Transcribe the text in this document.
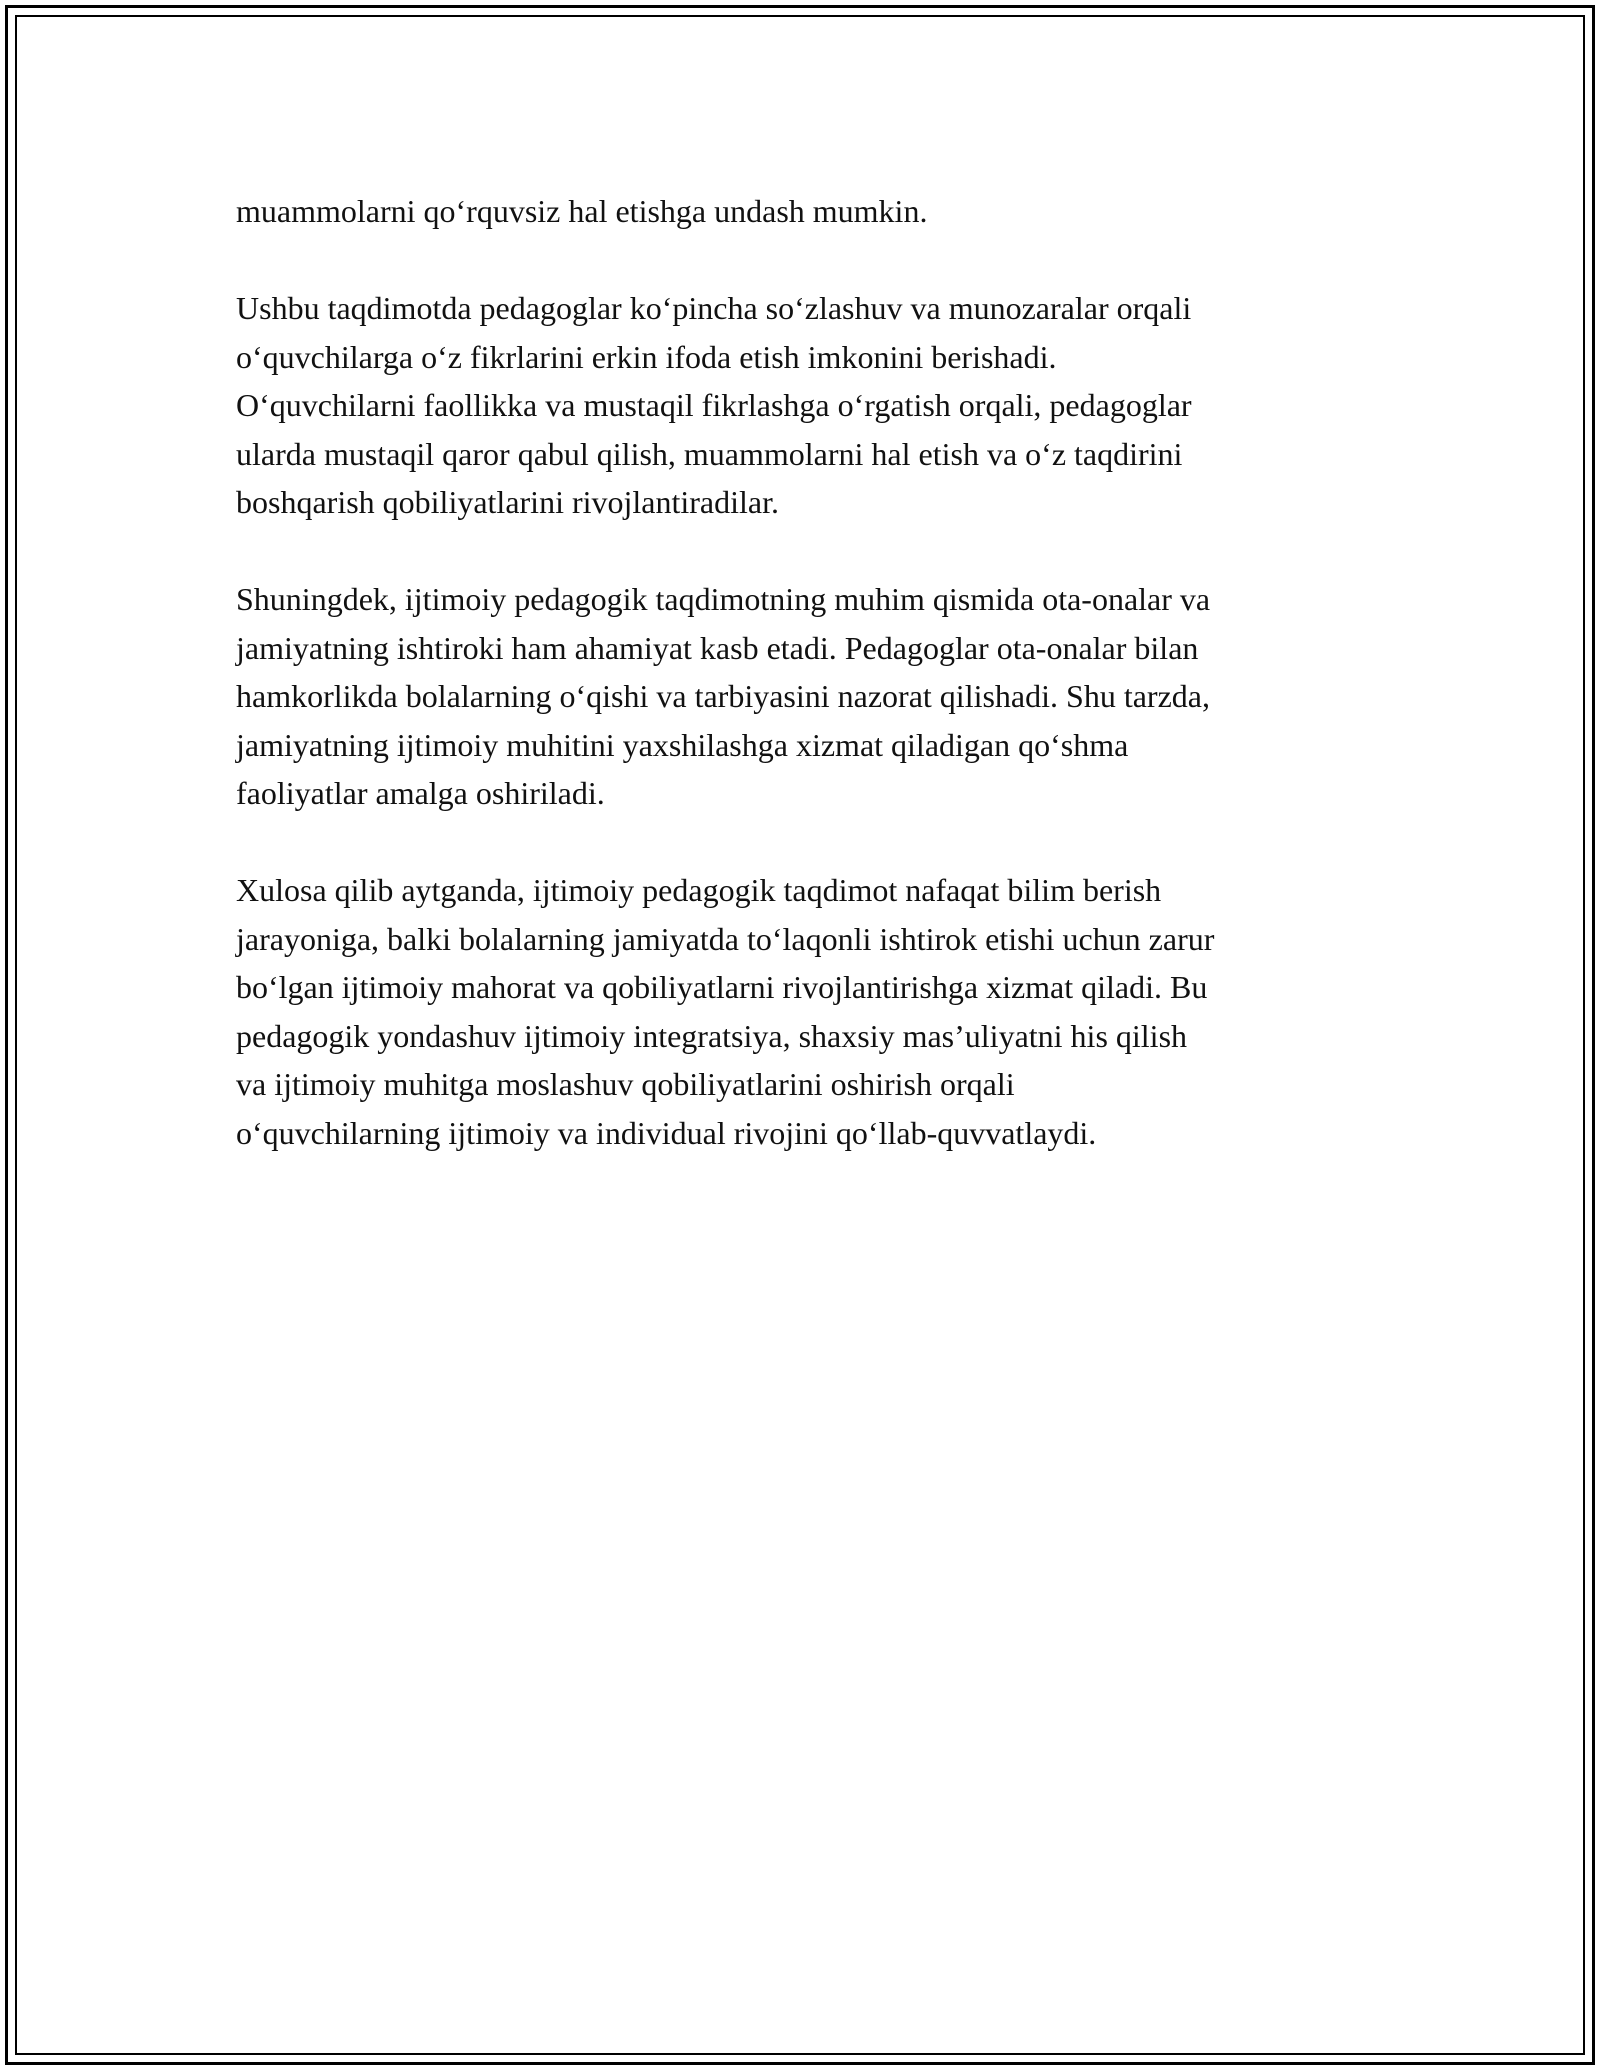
muammolarni qo‘rquvsiz hal etishga undash mumkin.

Ushbu taqdimotda pedagoglar ko‘pincha so‘zlashuv va munozaralar orqali
o‘quvchilarga o‘z fikrlarini erkin ifoda etish imkonini berishadi.
O‘quvchilarni faollikka va mustaqil fikrlashga o‘rgatish orqali, pedagoglar
ularda mustaqil qaror qabul qilish, muammolarni hal etish va o‘z taqdirini
boshqarish qobiliyatlarini rivojlantiradilar.

Shuningdek, ijtimoiy pedagogik taqdimotning muhim qismida ota-onalar va
jamiyatning ishtiroki ham ahamiyat kasb etadi. Pedagoglar ota-onalar bilan
hamkorlikda bolalarning o‘qishi va tarbiyasini nazorat qilishadi. Shu tarzda,
jamiyatning ijtimoiy muhitini yaxshilashga xizmat qiladigan qo‘shma
faoliyatlar amalga oshiriladi.

Xulosa qilib aytganda, ijtimoiy pedagogik taqdimot nafaqat bilim berish
jarayoniga, balki bolalarning jamiyatda to‘laqonli ishtirok etishi uchun zarur
bo‘lgan ijtimoiy mahorat va qobiliyatlarni rivojlantirishga xizmat qiladi. Bu
pedagogik yondashuv ijtimoiy integratsiya, shaxsiy mas’uliyatni his qilish
va ijtimoiy muhitga moslashuv qobiliyatlarini oshirish orqali
o‘quvchilarning ijtimoiy va individual rivojini qo‘llab-quvvatlaydi.
